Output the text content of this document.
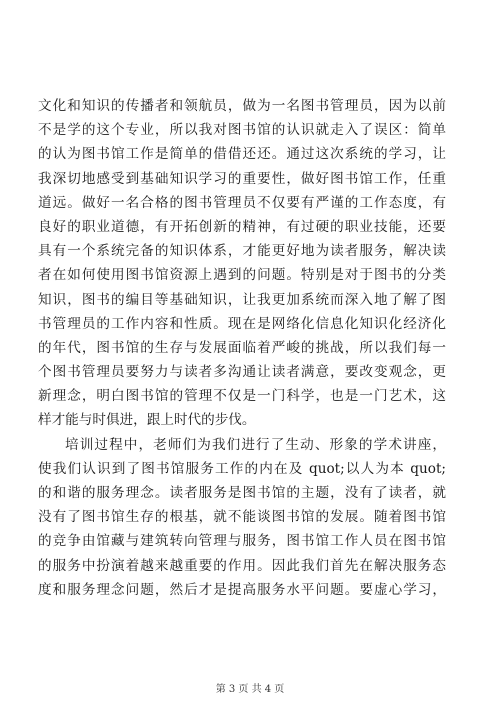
文化和知识的传播者和领航员，做为一名图书管理员，因为以前
不是学的这个专业，所以我对图书馆的认识就走入了误区：简单
的认为图书馆工作是简单的借借还还。通过这次系统的学习，让
我深切地感受到基础知识学习的重要性，做好图书馆工作，任重
道远。做好一名合格的图书管理员不仅要有严谨的工作态度，有
良好的职业道德，有开拓创新的精神，有过硬的职业技能，还要
具有一个系统完备的知识体系，才能更好地为读者服务，解决读
者在如何使用图书馆资源上遇到的问题。特别是对于图书的分类
知识，图书的编目等基础知识，让我更加系统而深入地了解了图
书管理员的工作内容和性质。现在是网络化信息化知识化经济化
的年代，图书馆的生存与发展面临着严峻的挑战，所以我们每一
个图书管理员要努力与读者多沟通让读者满意，要改变观念，更
新理念，明白图书馆的管理不仅是一门科学，也是一门艺术，这
样才能与时俱进，跟上时代的步伐。
培训过程中，老师们为我们进行了生动、形象的学术讲座，
使我们认识到了图书馆服务工作的内在及 quot;以人为本 quot;
的和谐的服务理念。读者服务是图书馆的主题，没有了读者，就
没有了图书馆生存的根基，就不能谈图书馆的发展。随着图书馆
的竞争由馆藏与建筑转向管理与服务，图书馆工作人员在图书馆
的服务中扮演着越来越重要的作用。因此我们首先在解决服务态
度和服务理念问题，然后才是提高服务水平问题。要虚心学习，
第 3 页 共 4 页
